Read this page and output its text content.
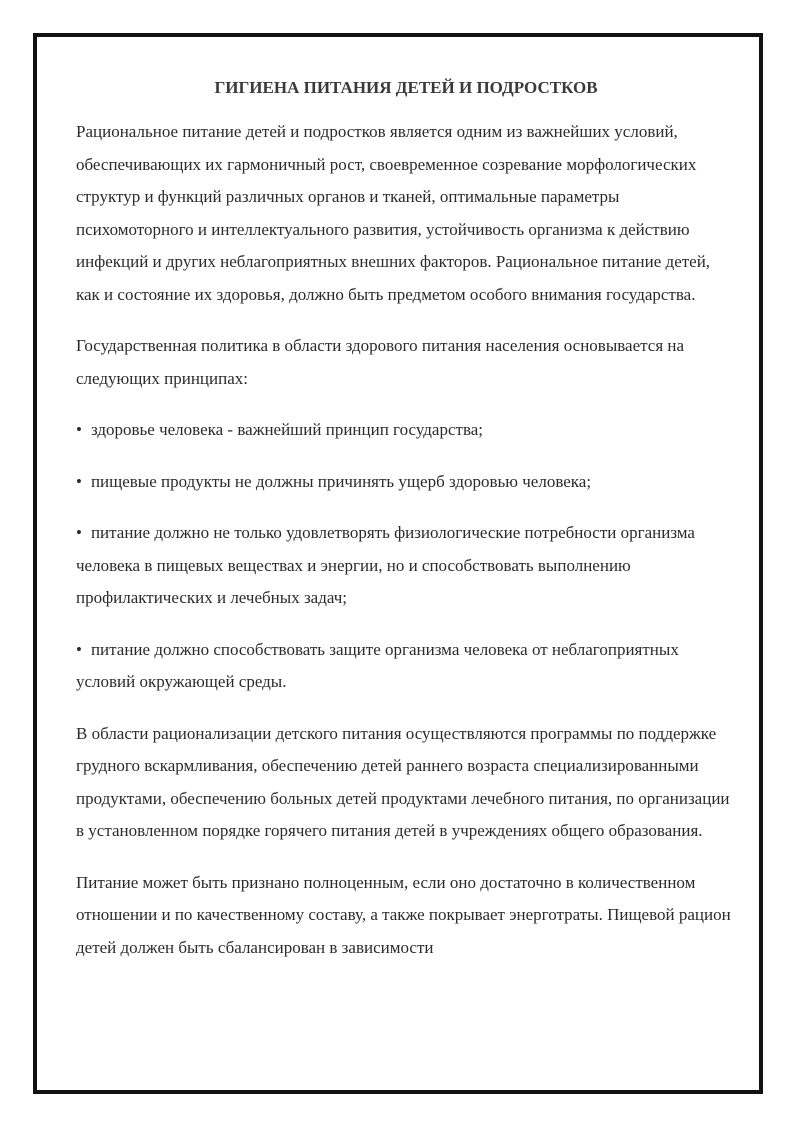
ГИГИЕНА ПИТАНИЯ ДЕТЕЙ И ПОДРОСТКОВ

Рациональное питание детей и подростков является одним из важнейших условий, обеспечивающих их гармоничный рост, своевременное созревание морфологических структур и функций различных органов и тканей, оптимальные параметры психомоторного и интеллектуального развития, устойчивость организма к действию инфекций и других неблагоприятных внешних факторов. Рациональное питание детей, как и состояние их здоровья, должно быть предметом особого внимания государства.

Государственная политика в области здорового питания населения основывается на следующих принципах:

• здоровье человека - важнейший принцип государства;

• пищевые продукты не должны причинять ущерб здоровью человека;

• питание должно не только удовлетворять физиологические потребности организма человека в пищевых веществах и энергии, но и способствовать выполнению профилактических и лечебных задач;

• питание должно способствовать защите организма человека от неблагоприятных условий окружающей среды.

В области рационализации детского питания осуществляются программы по поддержке грудного вскармливания, обеспечению детей раннего возраста специализированными продуктами, обеспечению больных детей продуктами лечебного питания, по организации в установленном порядке горячего питания детей в учреждениях общего образования.

Питание может быть признано полноценным, если оно достаточно в количественном отношении и по качественному составу, а также покрывает энерготраты. Пищевой рацион детей должен быть сбалансирован в зависимости
